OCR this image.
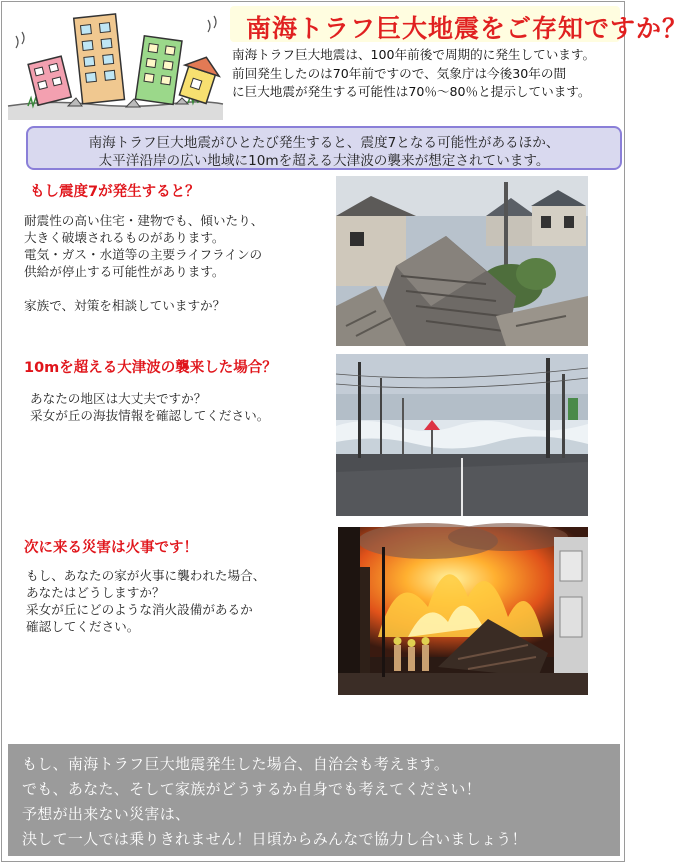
南海トラフ巨大地震をご存知ですか？
南海トラフ巨大地震は、100年前後で周期的に発生しています。
前回発生したのは70年前ですので、気象庁は今後30年の間
に巨大地震が発生する可能性は70％～80％と提示しています。
南海トラフ巨大地震がひとたび発生すると、震度7となる可能性があるほか、
太平洋沿岸の広い地域に10mを超える大津波の襲来が想定されています。
もし震度7が発生すると？
耐震性の高い住宅・建物でも、傾いたり、
大きく破壊されるものがあります。
電気・ガス・水道等の主要ライフラインの
供給が停止する可能性があります。
家族で、対策を相談していますか？
10mを超える大津波の襲来した場合？
あなたの地区は大丈夫ですか？
采女が丘の海抜情報を確認してください。
次に来る災害は火事です！
もし、あなたの家が火事に襲われた場合、
あなたはどうしますか？
采女が丘にどのような消火設備があるか
確認してください。
もし、南海トラフ巨大地震発生した場合、自治会も考えます。
でも、あなた、そして家族がどうするか自身でも考えてください！
予想が出来ない災害は、
決して一人では乗りきれません！日頃からみんなで協力し合いましょう！
